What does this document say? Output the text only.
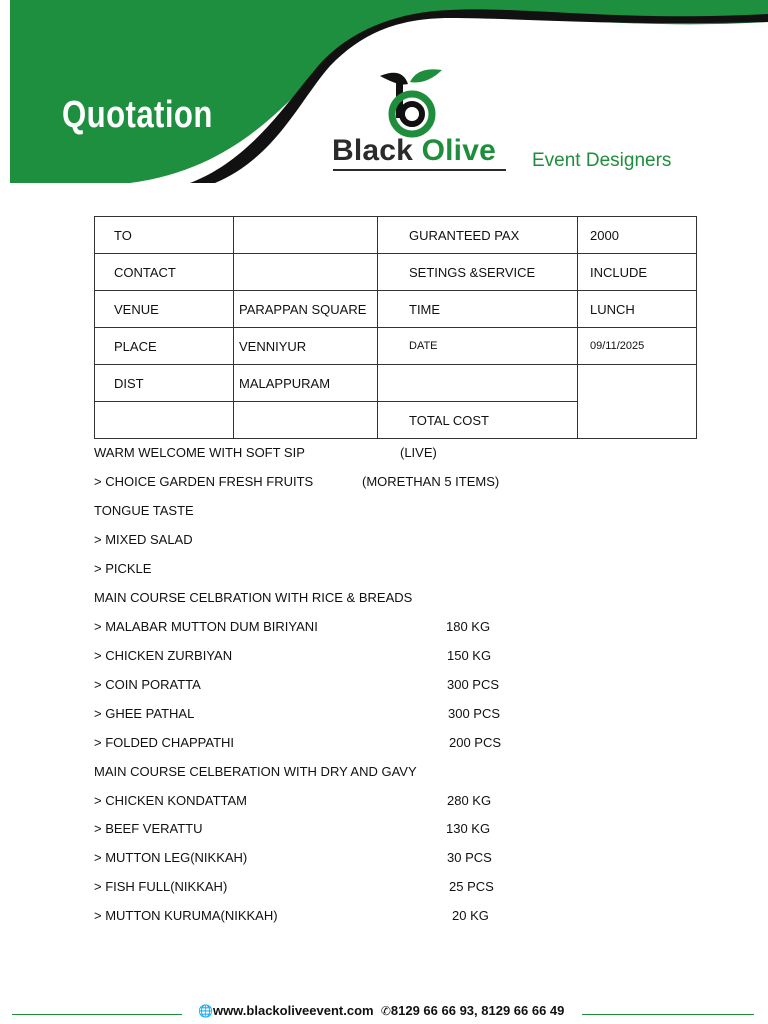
Quotation
Black Olive Event Designers
TO		GURANTEED PAX	2000
CONTACT		SETINGS &SERVICE	INCLUDE
VENUE	PARAPPAN SQUARE	TIME	LUNCH
PLACE	VENNIYUR	DATE	09/11/2025
DIST	MALAPPURAM		
		TOTAL COST	
WARM WELCOME WITH SOFT SIP	(LIVE)
> CHOICE GARDEN FRESH FRUITS	(MORETHAN 5 ITEMS)
TONGUE TASTE
> MIXED SALAD
> PICKLE
MAIN COURSE CELBRATION WITH RICE & BREADS
> MALABAR MUTTON DUM BIRIYANI	180 KG
> CHICKEN ZURBIYAN	150 KG
> COIN PORATTA	300 PCS
> GHEE PATHAL	300 PCS
> FOLDED CHAPPATHI	200 PCS
MAIN COURSE CELBERATION WITH DRY AND GAVY
> CHICKEN KONDATTAM	280 KG
> BEEF VERATTU	130 KG
> MUTTON LEG(NIKKAH)	30 PCS
> FISH FULL(NIKKAH)	25 PCS
> MUTTON KURUMA(NIKKAH)	20 KG
🌐www.blackoliveevent.com ✆8129 66 66 93, 8129 66 66 49
